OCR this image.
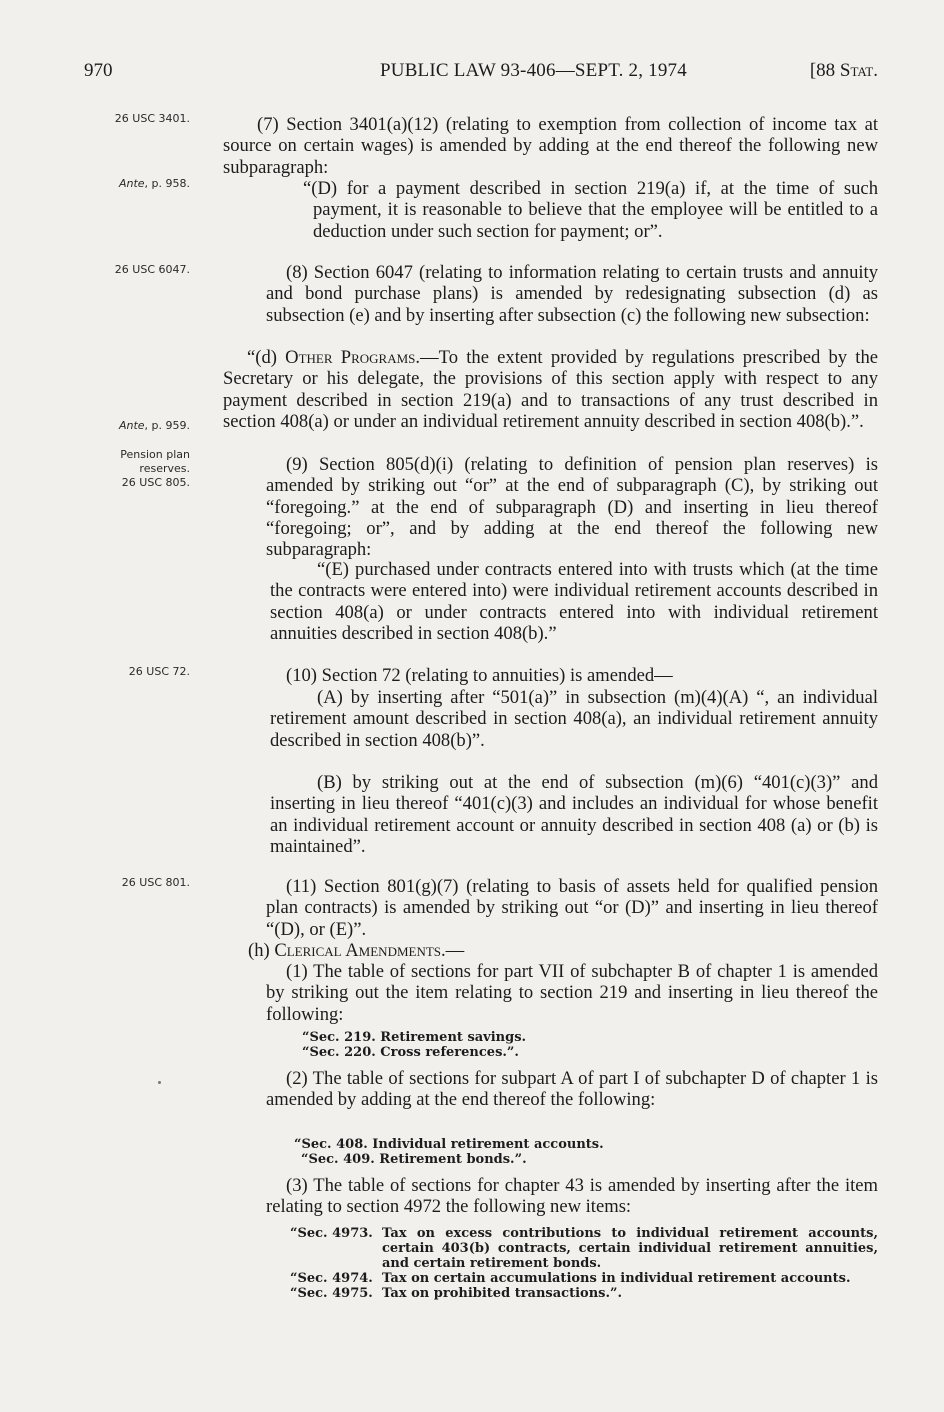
970	PUBLIC LAW 93-406—SEPT. 2, 1974	[88 Stat.
26 USC 3401.
Ante, p. 958.
26 USC 6047.
Ante, p. 959.
Pension plan
reserves.
26 USC 805.
26 USC 72.
26 USC 801.

(7) Section 3401(a)(12) (relating to exemption from collection of income tax at source on certain wages) is amended by adding at the end thereof the following new subparagraph:

“(D) for a payment described in section 219(a) if, at the time of such payment, it is reasonable to believe that the employee will be entitled to a deduction under such section for payment; or”.

(8) Section 6047 (relating to information relating to certain trusts and annuity and bond purchase plans) is amended by redesignating subsection (d) as subsection (e) and by inserting after subsection (c) the following new subsection:

“(d) Other Programs.—To the extent provided by regulations prescribed by the Secretary or his delegate, the provisions of this section apply with respect to any payment described in section 219(a) and to transactions of any trust described in section 408(a) or under an individual retirement annuity described in section 408(b).”.

(9) Section 805(d)(i) (relating to definition of pension plan reserves) is amended by striking out “or” at the end of subparagraph (C), by striking out “foregoing.” at the end of subparagraph (D) and inserting in lieu thereof “foregoing; or”, and by adding at the end thereof the following new subparagraph:

“(E) purchased under contracts entered into with trusts which (at the time the contracts were entered into) were individual retirement accounts described in section 408(a) or under contracts entered into with individual retirement annuities described in section 408(b).”

(10) Section 72 (relating to annuities) is amended—

(A) by inserting after “501(a)” in subsection (m)(4)(A) “, an individual retirement amount described in section 408(a), an individual retirement annuity described in section 408(b)”.

(B) by striking out at the end of subsection (m)(6) “401(c)(3)” and inserting in lieu thereof “401(c)(3) and includes an individual for whose benefit an individual retirement account or annuity described in section 408 (a) or (b) is maintained”.

(11) Section 801(g)(7) (relating to basis of assets held for qualified pension plan contracts) is amended by striking out “or (D)” and inserting in lieu thereof “(D), or (E)”.

(h) Clerical Amendments.—

(1) The table of sections for part VII of subchapter B of chapter 1 is amended by striking out the item relating to section 219 and inserting in lieu thereof the following:

“Sec. 219. Retirement savings.
“Sec. 220. Cross references.”.

(2) The table of sections for subpart A of part I of subchapter D of chapter 1 is amended by adding at the end thereof the following:

“Sec. 408. Individual retirement accounts.
“Sec. 409. Retirement bonds.”.

(3) The table of sections for chapter 43 is amended by inserting after the item relating to section 4972 the following new items:

“Sec. 4973. Tax on excess contributions to individual retirement accounts, certain 403(b) contracts, certain individual retirement annuities, and certain retirement bonds.
“Sec. 4974. Tax on certain accumulations in individual retirement accounts.
“Sec. 4975. Tax on prohibited transactions.”.
